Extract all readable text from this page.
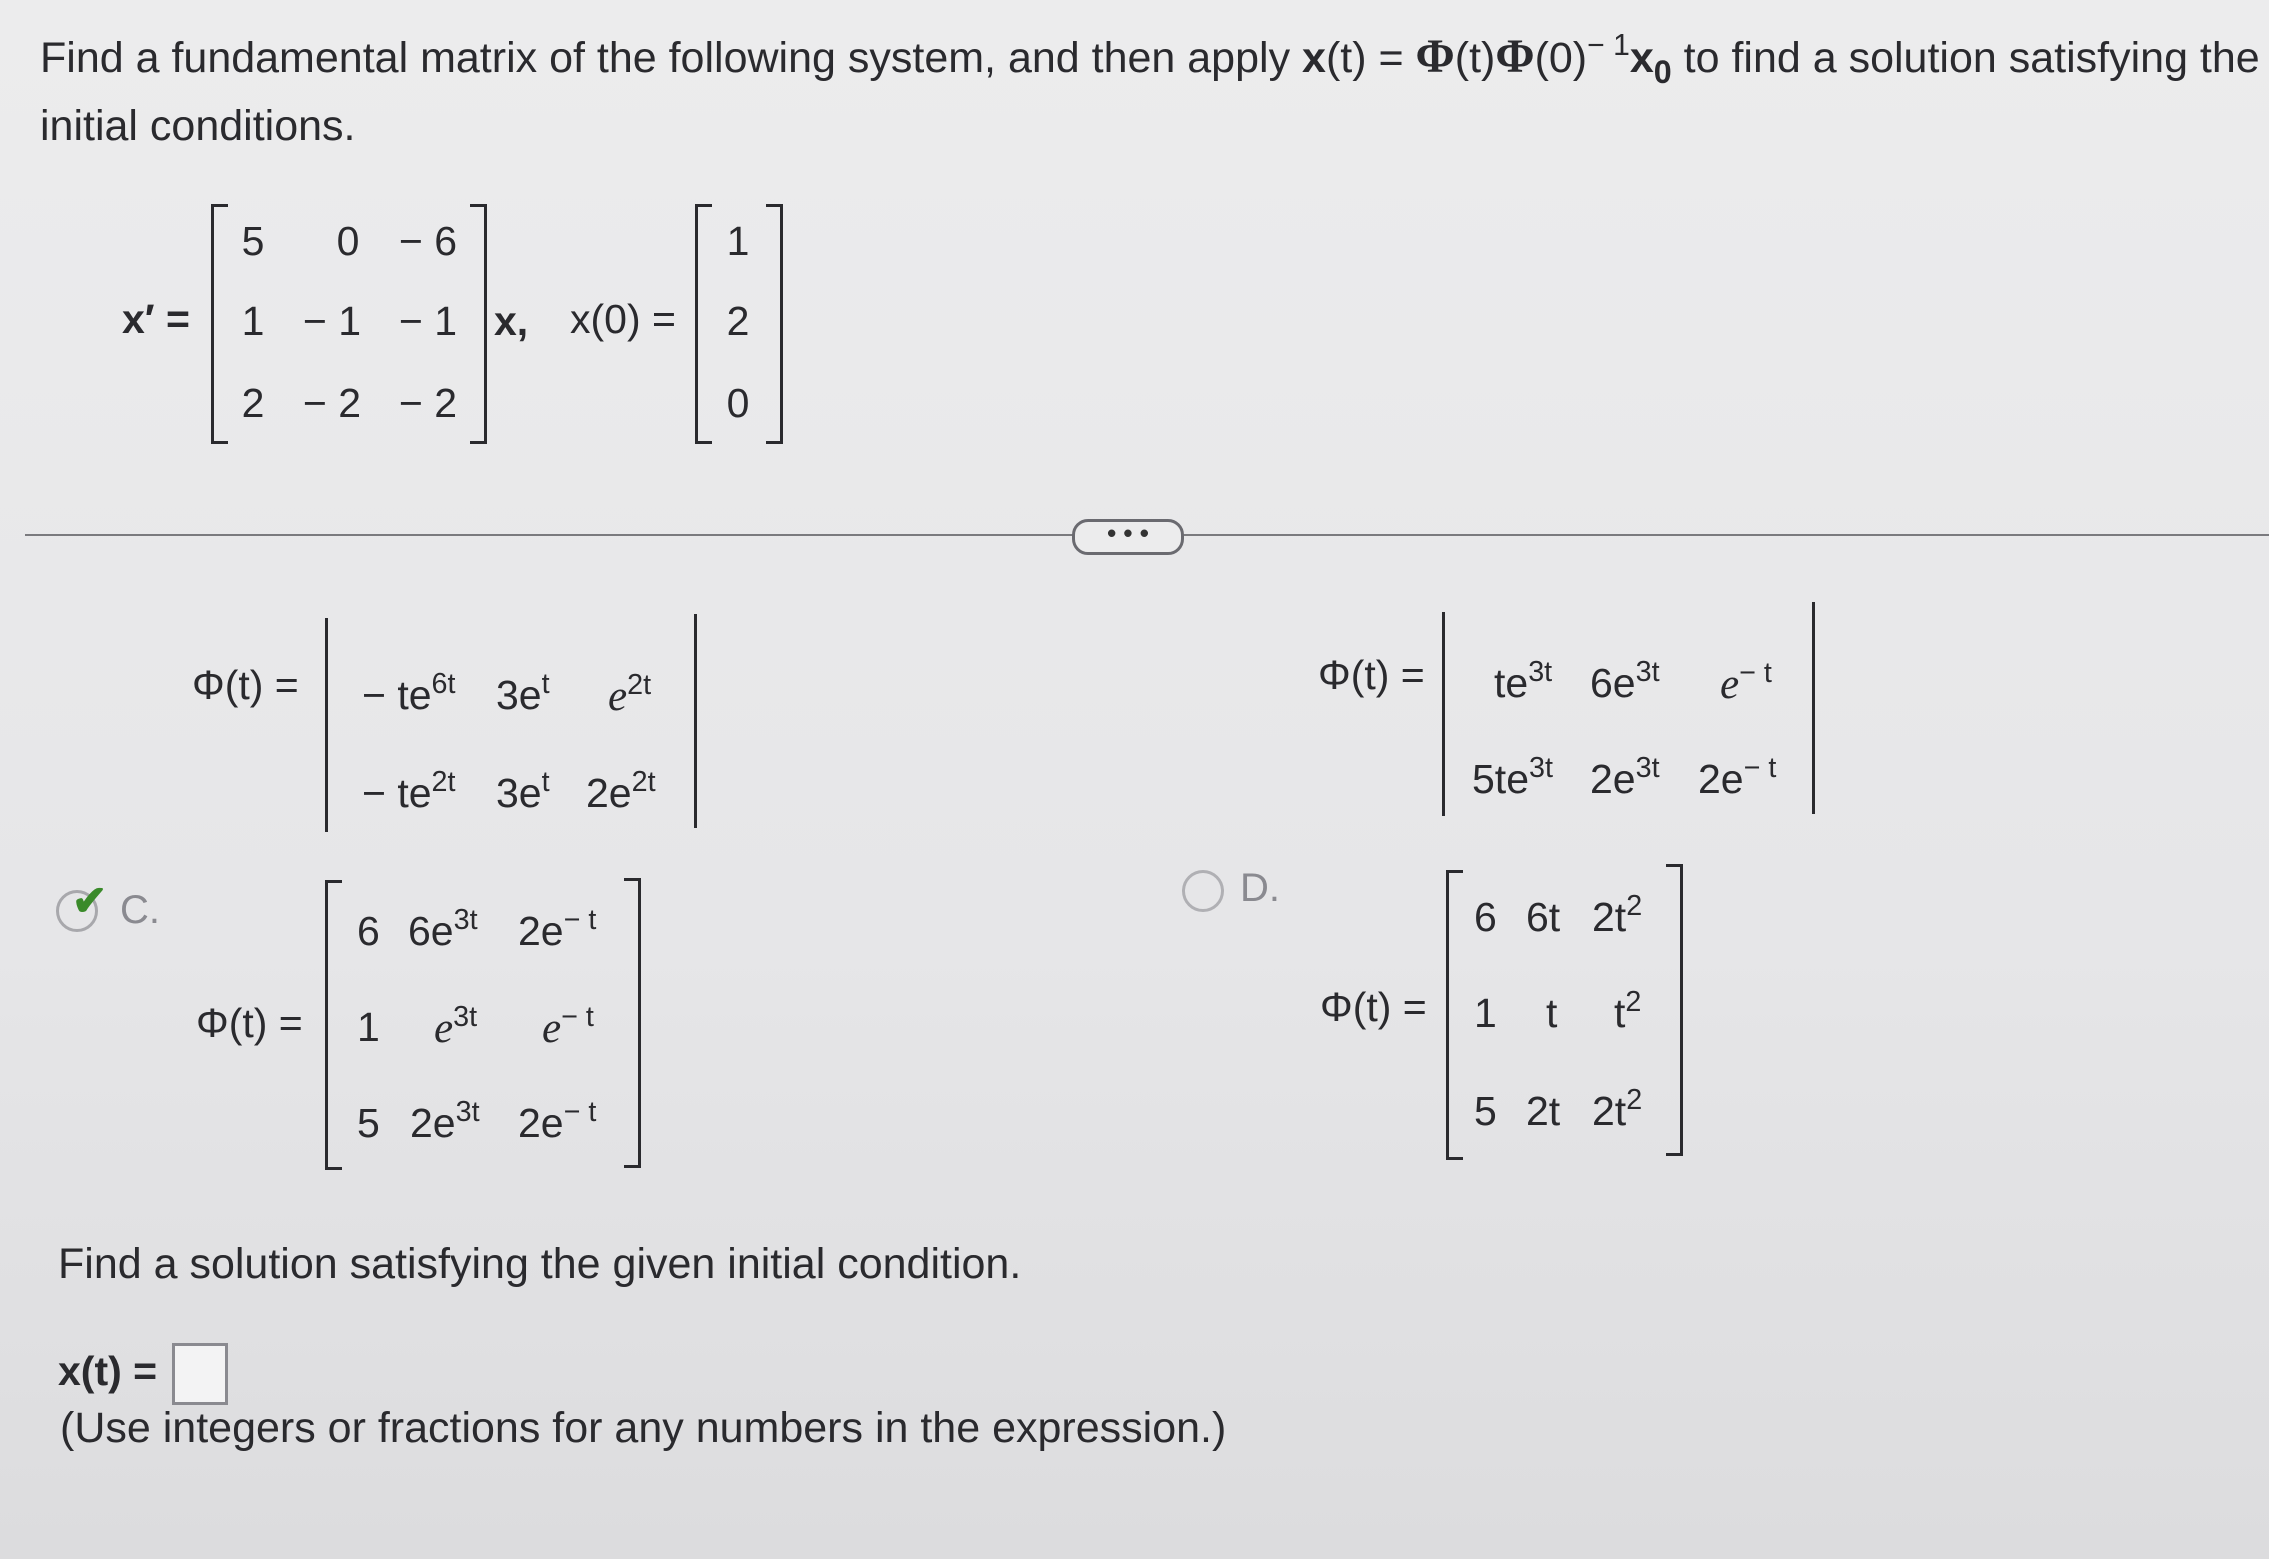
Find a fundamental matrix of the following system, and then apply $x(t) = \Phi(t)\Phi(0)^{- 1}x_0$ to find a solution satisfying the
initial conditions.
x′ =
5 0 − 6
1 − 1 − 1
2 − 2 − 2
x, x(0) =
1
2
0
• • •
✔ C.
Φ(t) = − $te^{6t}$ $3e^t$ $e^{2t}$
− $te^{2t}$ $3e^t$ $2e^{2t}$
Φ(t) =
6 $6e^{3t}$ $2e^{- t}$
1 $e^{3t}$ $e^{- t}$
5 $2e^{3t}$ $2e^{- t}$
D.
$\Phi(t) = te^{3t}$ $6e^{3t}$ $e^{- t}$
$5te^{3t}$ $2e^{3t}$ $2e^{- t}$
Φ(t) =
6 6t $2t^2$
1 t $t^2$
5 2t $2t^2$
Find a solution satisfying the given initial condition.
x(t) =
(Use integers or fractions for any numbers in the expression.)
